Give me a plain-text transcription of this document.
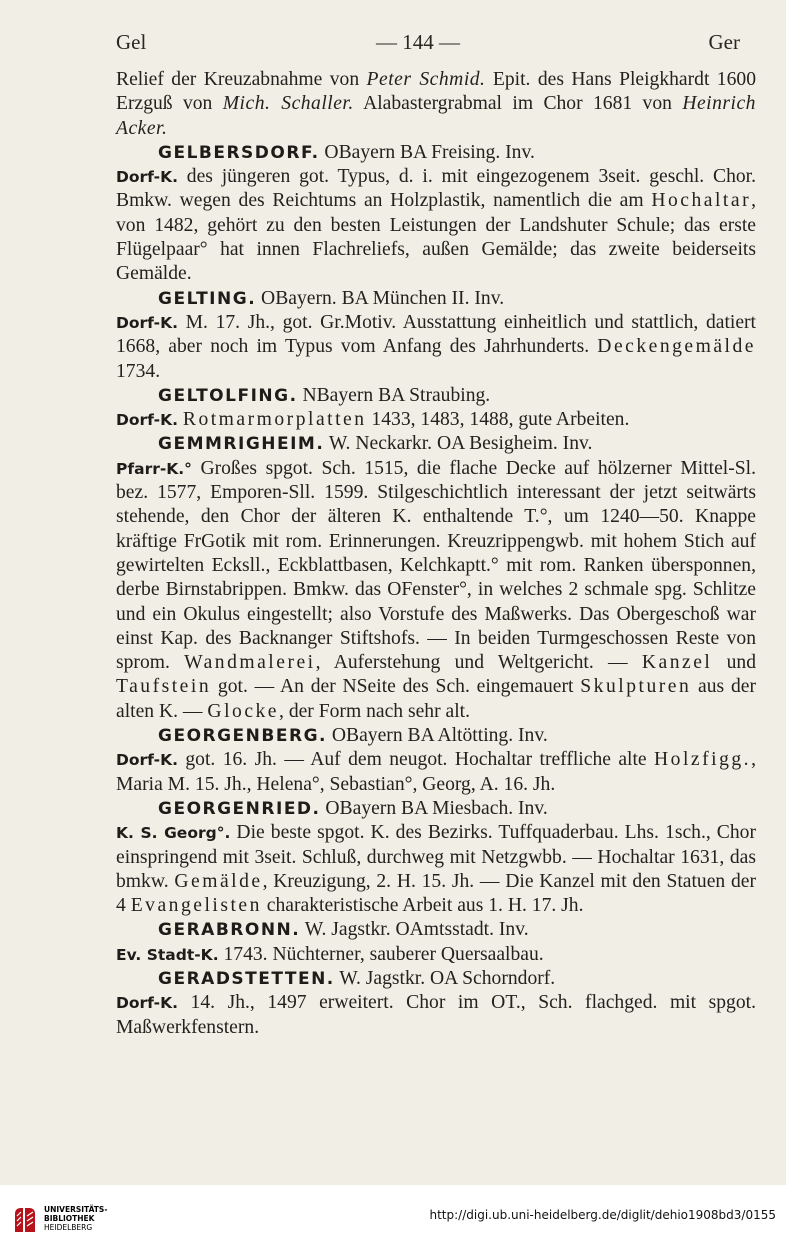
Gel	— 144 —	Ger

Relief der Kreuzabnahme von Peter Schmid. Epit. des Hans Pleigkhardt 1600 Erzguß von Mich. Schaller. Alabastergrabmal im Chor 1681 von Heinrich Acker.

GELBERSDORF. OBayern BA Freising. Inv.

Dorf-K. des jüngeren got. Typus, d. i. mit eingezogenem 3seit. geschl. Chor. Bmkw. wegen des Reichtums an Holzplastik, namentlich die am Hochaltar, von 1482, gehört zu den besten Leistungen der Landshuter Schule; das erste Flügelpaar° hat innen Flachreliefs, außen Gemälde; das zweite beiderseits Gemälde.

GELTING. OBayern. BA München II. Inv.

Dorf-K. M. 17. Jh., got. Gr.Motiv. Ausstattung einheitlich und stattlich, datiert 1668, aber noch im Typus vom Anfang des Jahrhunderts. Deckengemälde 1734.

GELTOLFING. NBayern BA Straubing.

Dorf-K. Rotmarmorplatten 1433, 1483, 1488, gute Arbeiten.

GEMMRIGHEIM. W. Neckarkr. OA Besigheim. Inv.

Pfarr-K.° Großes spgot. Sch. 1515, die flache Decke auf hölzerner Mittel-Sl. bez. 1577, Emporen-Sll. 1599. Stilgeschichtlich interessant der jetzt seitwärts stehende, den Chor der älteren K. enthaltende T.°, um 1240—50. Knappe kräftige FrGotik mit rom. Erinnerungen. Kreuzrippengwb. mit hohem Stich auf gewirtelten Ecksll., Eckblattbasen, Kelchkaptt.° mit rom. Ranken übersponnen, derbe Birnstabrippen. Bmkw. das OFenster°, in welches 2 schmale spg. Schlitze und ein Okulus eingestellt; also Vorstufe des Maßwerks. Das Obergeschoß war einst Kap. des Backnanger Stiftshofs. — In beiden Turmgeschossen Reste von sprom. Wandmalerei, Auferstehung und Weltgericht. — Kanzel und Taufstein got. — An der NSeite des Sch. eingemauert Skulpturen aus der alten K. — Glocke, der Form nach sehr alt.

GEORGENBERG. OBayern BA Altötting. Inv.

Dorf-K. got. 16. Jh. — Auf dem neugot. Hochaltar treffliche alte Holzfigg., Maria M. 15. Jh., Helena°, Sebastian°, Georg, A. 16. Jh.

GEORGENRIED. OBayern BA Miesbach. Inv.

K. S. Georg°. Die beste spgot. K. des Bezirks. Tuffquaderbau. Lhs. 1sch., Chor einspringend mit 3seit. Schluß, durchweg mit Netzgwbb. — Hochaltar 1631, das bmkw. Gemälde, Kreuzigung, 2. H. 15. Jh. — Die Kanzel mit den Statuen der 4 Evangelisten charakteristische Arbeit aus 1. H. 17. Jh.

GERABRONN. W. Jagstkr. OAmtsstadt. Inv.

Ev. Stadt-K. 1743. Nüchterner, sauberer Quersaalbau.

GERADSTETTEN. W. Jagstkr. OA Schorndorf.

Dorf-K. 14. Jh., 1497 erweitert. Chor im OT., Sch. flachged. mit spgot. Maßwerkfenstern.

UNIVERSITÄTS-
BIBLIOTHEK
HEIDELBERG
http://digi.ub.uni-heidelberg.de/diglit/dehio1908bd3/0155
